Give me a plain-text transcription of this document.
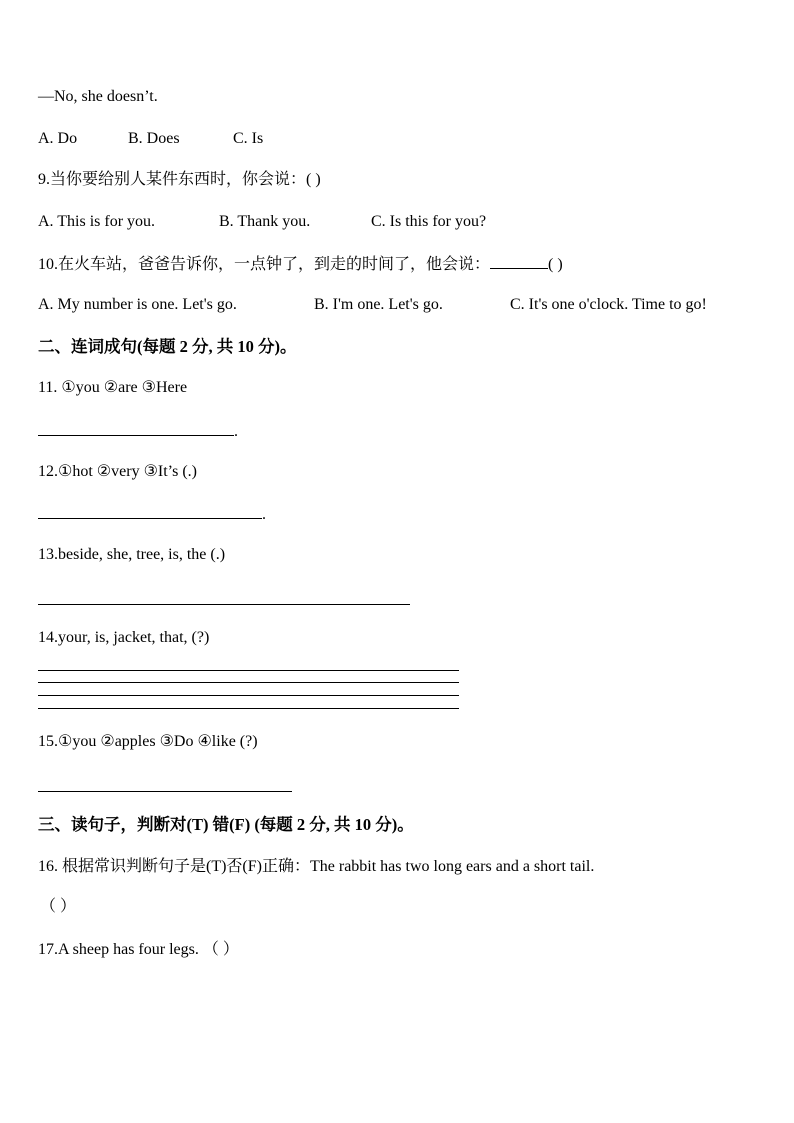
—No, she doesn’t.
A. Do	B. Does	C. Is
9.当你要给别人某件东西时，你会说：( )
A. This is for you.	B. Thank you.	C. Is this for you?
10.在火车站，爸爸告诉你，一点钟了，到走的时间了，他会说：	( )
A. My number is one. Let's go.	B. I'm one. Let's go.	C. It's one o'clock. Time to go!
二、连词成句(每题 2 分, 共 10 分)。
11. ①you ②are ③Here
.
12.①hot ②very ③It’s (.)
.
13.beside, she, tree, is, the (.)
14.your, is, jacket, that, (?)
15.①you ②apples ③Do ④like (?)
三、读句子，判断对(T) 错(F) (每题 2 分, 共 10 分)。
16. 根据常识判断句子是(T)否(F)正确：The rabbit has two long ears and a short tail.
（ ）
17.A sheep has four legs. （ ）
